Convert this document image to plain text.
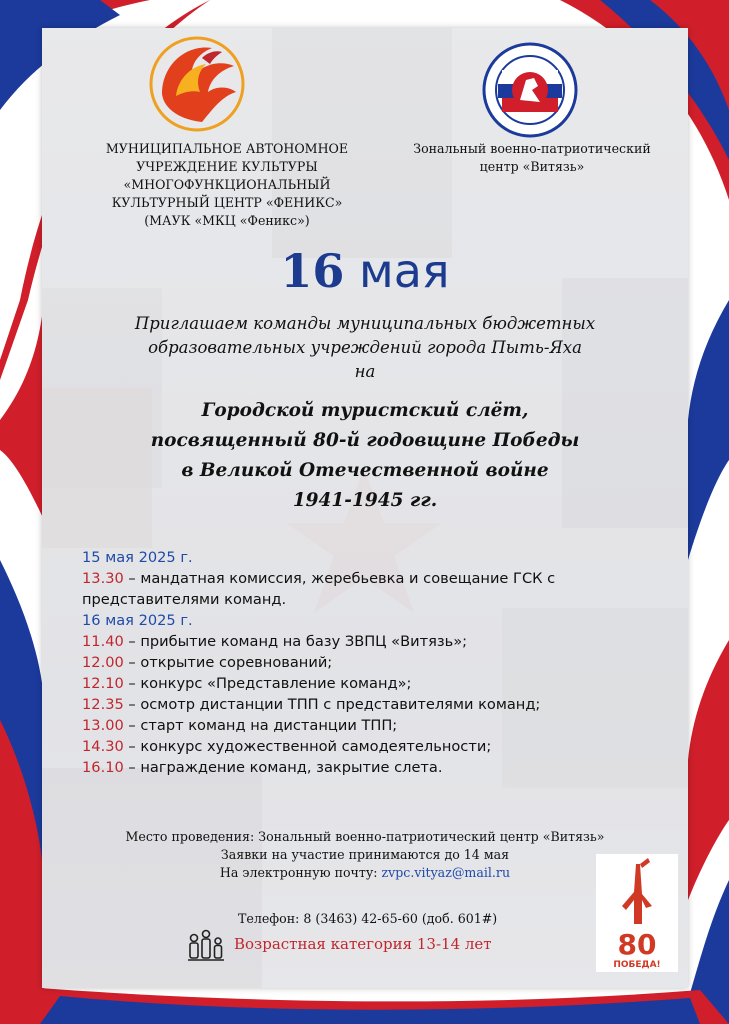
МУНИЦИПАЛЬНОЕ АВТОНОМНОЕ
УЧРЕЖДЕНИЕ КУЛЬТУРЫ
«МНОГОФУНКЦИОНАЛЬНЫЙ
КУЛЬТУРНЫЙ ЦЕНТР «ФЕНИКС»
(МАУК «МКЦ «Феникс»)
Зональный военно-патриотический
центр «Витязь»
16 мая
Приглашаем команды муниципальных бюджетных
образовательных учреждений города Пыть-Яха
на
Городской туристский слёт,
посвященный 80-й годовщине Победы
в Великой Отечественной войне
1941-1945 гг.
15 мая 2025 г.
13.30 – мандатная комиссия, жеребьевка и совещание ГСК с представителями команд.
16 мая 2025 г.
11.40 – прибытие команд на базу ЗВПЦ «Витязь»;
12.00 – открытие соревнований;
12.10 – конкурс «Представление команд»;
12.35 – осмотр дистанции ТПП с представителями команд;
13.00 – старт команд на дистанции ТПП;
14.30 – конкурс художественной самодеятельности;
16.10 – награждение команд, закрытие слета.
Место проведения: Зональный военно-патриотический центр «Витязь»
Заявки на участие принимаются до 14 мая
На электронную почту: zvpc.vityaz@mail.ru
Телефон: 8 (3463) 42-65-60 (доб. 601#)
Возрастная категория 13-14 лет	80
ПОБЕДА!
